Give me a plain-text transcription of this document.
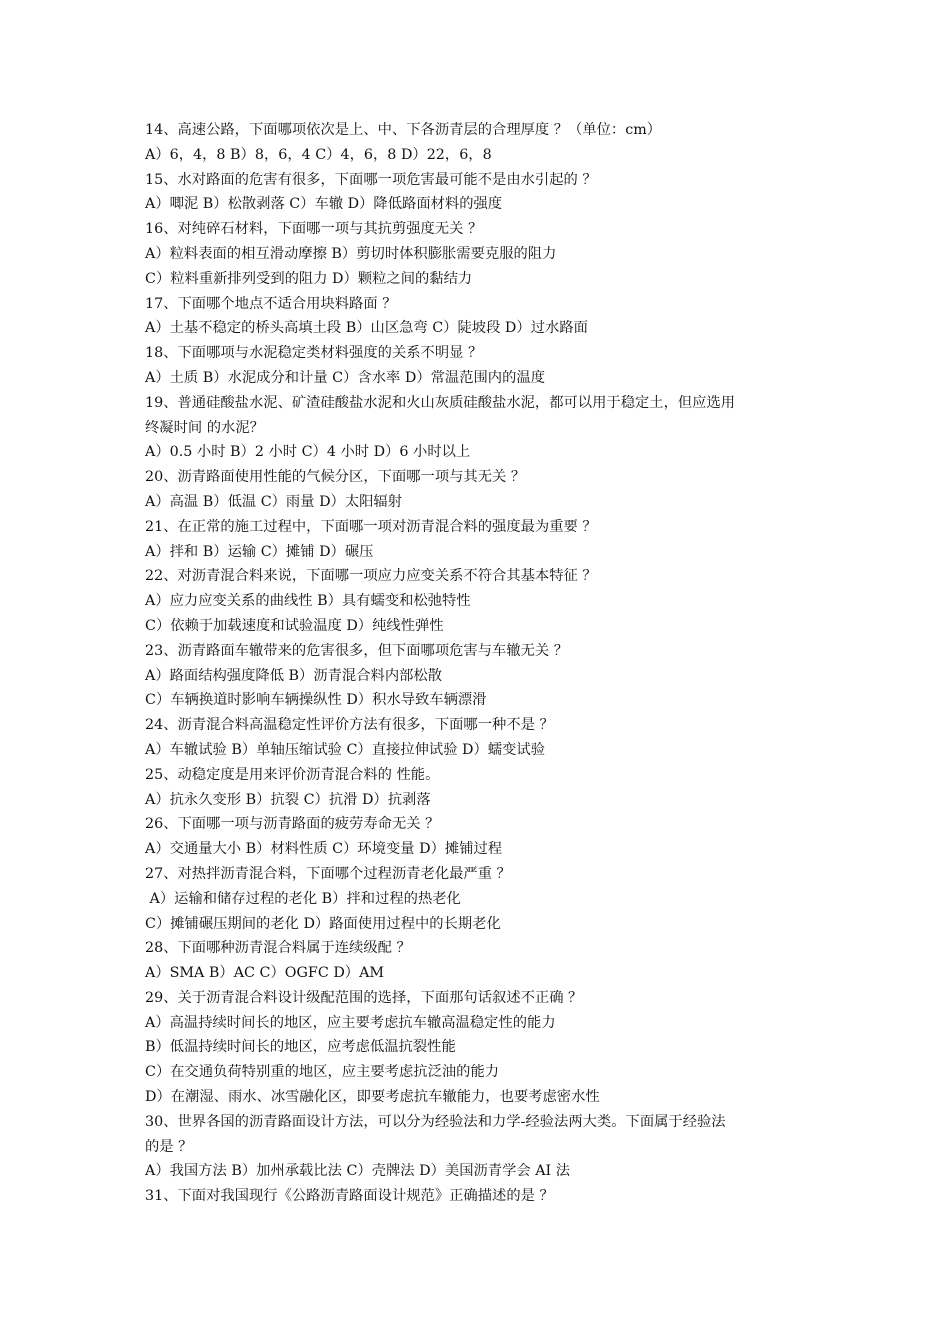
14、高速公路，下面哪项依次是上、中、下各沥青层的合理厚度 ？（单位：cm）
A）6，4，8 B）8，6，4 C）4，6，8 D）22，6，8
15、水对路面的危害有很多，下面哪一项危害最可能不是由水引起的 ？
A）唧泥 B）松散剥落 C）车辙 D）降低路面材料的强度
16、对纯碎石材料，下面哪一项与其抗剪强度无关 ？
A）粒料表面的相互滑动摩擦 B）剪切时体积膨胀需要克服的阻力
C）粒料重新排列受到的阻力 D）颗粒之间的黏结力
17、下面哪个地点不适合用块料路面 ？
A）土基不稳定的桥头高填土段 B）山区急弯 C）陡坡段 D）过水路面
18、下面哪项与水泥稳定类材料强度的关系不明显 ？
A）土质 B）水泥成分和计量 C）含水率 D）常温范围内的温度
19、普通硅酸盐水泥、矿渣硅酸盐水泥和火山灰质硅酸盐水泥，都可以用于稳定土，但应选用
终凝时间 的水泥？
A）0.5 小时 B）2 小时 C）4 小时 D）6 小时以上
20、沥青路面使用性能的气候分区，下面哪一项与其无关 ？
A）高温 B）低温 C）雨量 D）太阳辐射
21、在正常的施工过程中，下面哪一项对沥青混合料的强度最为重要 ？
A）拌和 B）运输 C）摊铺 D）碾压
22、对沥青混合料来说，下面哪一项应力应变关系不符合其基本特征 ？
A）应力应变关系的曲线性 B）具有蠕变和松弛特性
C）依赖于加载速度和试验温度 D）纯线性弹性
23、沥青路面车辙带来的危害很多，但下面哪项危害与车辙无关 ？
A）路面结构强度降低 B）沥青混合料内部松散
C）车辆换道时影响车辆操纵性 D）积水导致车辆漂滑
24、沥青混合料高温稳定性评价方法有很多，下面哪一种不是 ？
A）车辙试验 B）单轴压缩试验 C）直接拉伸试验 D）蠕变试验
25、动稳定度是用来评价沥青混合料的 性能。
A）抗永久变形 B）抗裂 C）抗滑 D）抗剥落
26、下面哪一项与沥青路面的疲劳寿命无关 ？
A）交通量大小 B）材料性质 C）环境变量 D）摊铺过程
27、对热拌沥青混合料，下面哪个过程沥青老化最严重 ？
A）运输和储存过程的老化 B）拌和过程的热老化
C）摊铺碾压期间的老化 D）路面使用过程中的长期老化
28、下面哪种沥青混合料属于连续级配 ？
A）SMA B）AC C）OGFC D）AM
29、关于沥青混合料设计级配范围的选择，下面那句话叙述不正确 ？
A）高温持续时间长的地区，应主要考虑抗车辙高温稳定性的能力
B）低温持续时间长的地区，应考虑低温抗裂性能
C）在交通负荷特别重的地区，应主要考虑抗泛油的能力
D）在潮湿、雨水、冰雪融化区，即要考虑抗车辙能力，也要考虑密水性
30、世界各国的沥青路面设计方法，可以分为经验法和力学-经验法两大类。下面属于经验法
的是 ？
A）我国方法 B）加州承载比法 C）壳牌法 D）美国沥青学会 AI 法
31、下面对我国现行《公路沥青路面设计规范》正确描述的是 ？
